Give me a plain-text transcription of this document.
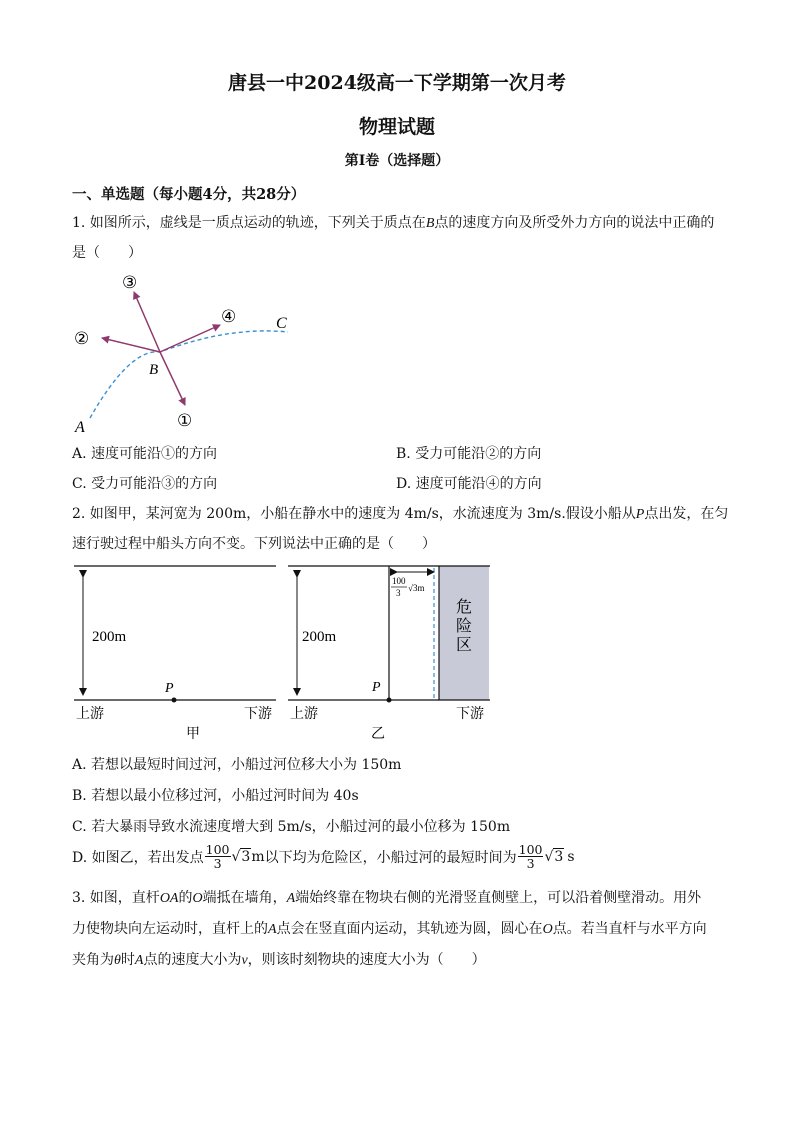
唐县一中2024级高一下学期第一次月考
物理试题
第I卷（选择题）
一、单选题（每小题4分，共28分）
1. 如图所示，虚线是一质点运动的轨迹，下列关于质点在B点的速度方向及所受外力方向的说法中正确的
是（　　）
③
②
④
①
B
A
C
A. 速度可能沿①的方向	B. 受力可能沿②的方向
C. 受力可能沿③的方向	D. 速度可能沿④的方向
2. 如图甲，某河宽为 200m，小船在静水中的速度为 4m/s，水流速度为 3m/s.假设小船从P点出发，在匀
速行驶过程中船头方向不变。下列说法中正确的是（　　）
200m
P
上游	下游
甲
200m
100
3 √3m
危
险
区
P
上游	下游
乙
A. 若想以最短时间过河，小船过河位移大小为 150m
B. 若想以最小位移过河，小船过河时间为 40s
C. 若大暴雨导致水流速度增大到 5m/s，小船过河的最小位移为 150m
D. 如图乙，若出发点 $\frac{100}{3} √3$ m 以下均为危险区，小船过河的最短时间为 $\frac{100}{3} √3$ s
3. 如图，直杆OA的O端抵在墙角，A端始终靠在物块右侧的光滑竖直侧壁上，可以沿着侧壁滑动。用外
力使物块向左运动时，直杆上的A点会在竖直面内运动，其轨迹为圆，圆心在O点。若当直杆与水平方向
夹角为θ时A点的速度大小为v，则该时刻物块的速度大小为（　　）
